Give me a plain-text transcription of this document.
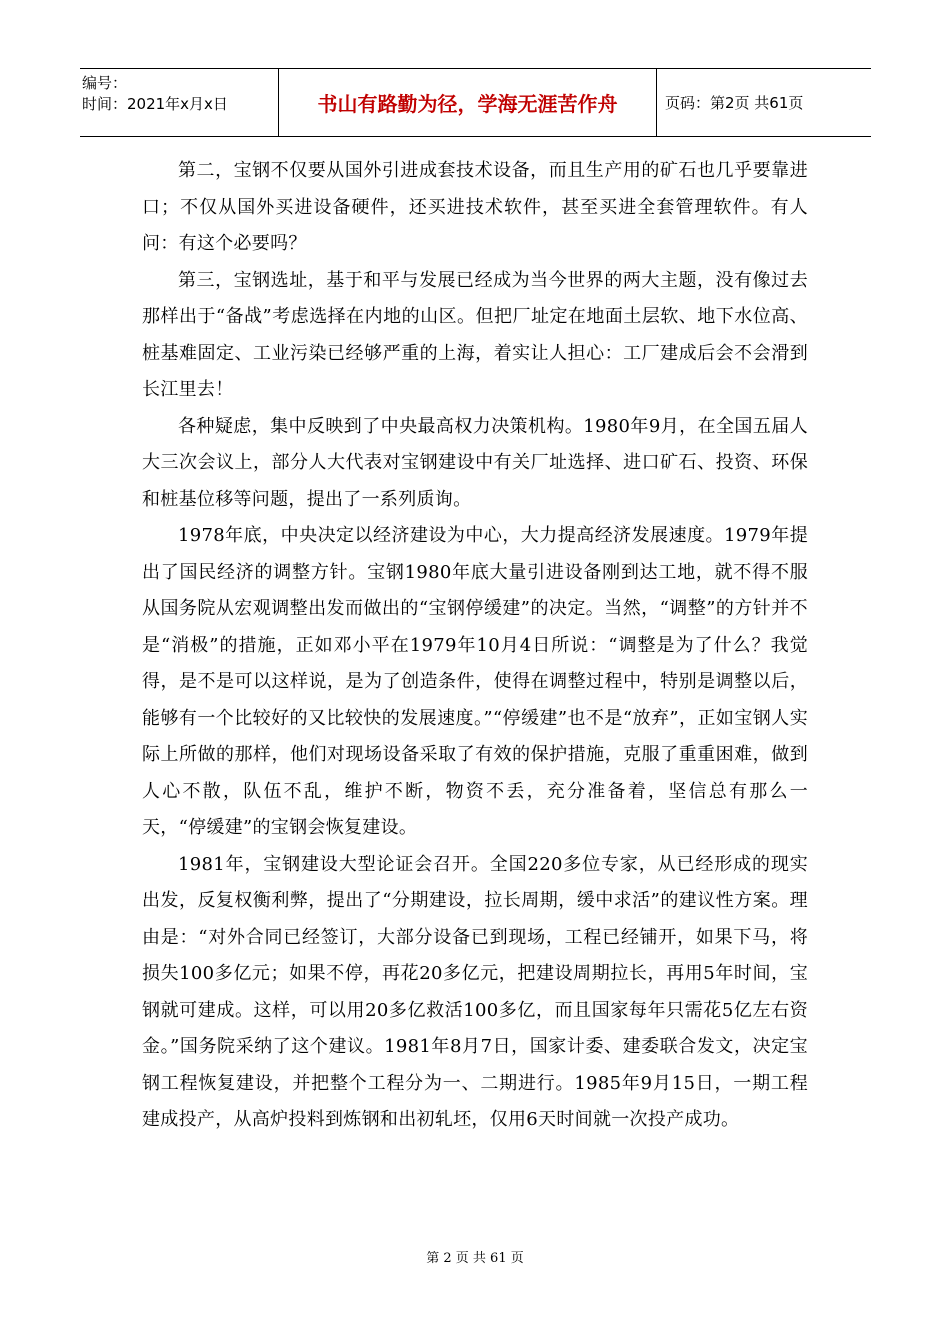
编号：
时间：2021年x月x日	书山有路勤为径，学海无涯苦作舟	页码：第2页 共61页

第二，宝钢不仅要从国外引进成套技术设备，而且生产用的矿石也几乎要靠进口；不仅从国外买进设备硬件，还买进技术软件，甚至买进全套管理软件。有人问：有这个必要吗？

第三，宝钢选址，基于和平与发展已经成为当今世界的两大主题，没有像过去那样出于“备战”考虑选择在内地的山区。但把厂址定在地面土层软、地下水位高、桩基难固定、工业污染已经够严重的上海，着实让人担心：工厂建成后会不会滑到长江里去！

各种疑虑，集中反映到了中央最高权力决策机构。1980年9月，在全国五届人大三次会议上，部分人大代表对宝钢建设中有关厂址选择、进口矿石、投资、环保和桩基位移等问题，提出了一系列质询。

1978年底，中央决定以经济建设为中心，大力提高经济发展速度。1979年提出了国民经济的调整方针。宝钢1980年底大量引进设备刚到达工地，就不得不服从国务院从宏观调整出发而做出的“宝钢停缓建”的决定。当然，“调整”的方针并不是“消极”的措施，正如邓小平在1979年10月4日所说：“调整是为了什么？我觉得，是不是可以这样说，是为了创造条件，使得在调整过程中，特别是调整以后，能够有一个比较好的又比较快的发展速度。”“停缓建”也不是“放弃”，正如宝钢人实际上所做的那样，他们对现场设备采取了有效的保护措施，克服了重重困难，做到人心不散，队伍不乱，维护不断，物资不丢，充分准备着，坚信总有那么一天，“停缓建”的宝钢会恢复建设。

1981年，宝钢建设大型论证会召开。全国220多位专家，从已经形成的现实出发，反复权衡利弊，提出了“分期建设，拉长周期，缓中求活”的建议性方案。理由是：“对外合同已经签订，大部分设备已到现场，工程已经铺开，如果下马，将损失100多亿元；如果不停，再花20多亿元，把建设周期拉长，再用5年时间，宝钢就可建成。这样，可以用20多亿救活100多亿，而且国家每年只需花5亿左右资金。”国务院采纳了这个建议。1981年8月7日，国家计委、建委联合发文，决定宝钢工程恢复建设，并把整个工程分为一、二期进行。1985年9月15日，一期工程建成投产，从高炉投料到炼钢和出初轧坯，仅用6天时间就一次投产成功。

第 2 页 共 61 页
